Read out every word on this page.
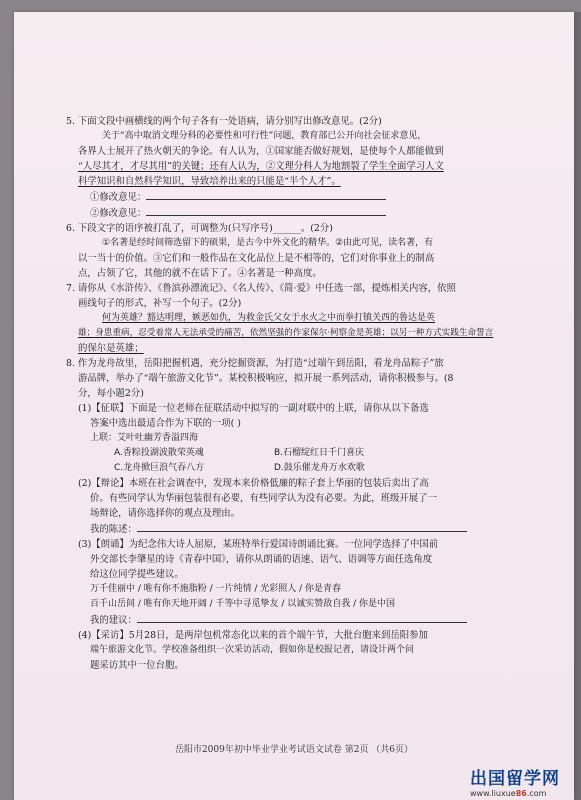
5. 下面文段中画横线的两个句子各有一处语病，请分别写出修改意见。(2分)

关于“高中取消文理分科的必要性和可行性”问题，教育部已公开向社会征求意见，

各界人士展开了热火朝天的争论。有人认为，①国家能否做好规划，是使每个人都能做到

“人尽其才，才尽其用”的关键；还有人认为，②文理分科人为地割裂了学生全面学习人文

科学知识和自然科学知识，导致培养出来的只能是“半个人才”。

①修改意见：

②修改意见：

6. 下段文字的语序被打乱了，可调整为(只写序号)______。(2分)

①名著是经时间筛选留下的硕果，是古今中外文化的精华。②由此可见，读名著，有

以一当十的价值。③它们和一般作品在文化品位上是不相等的，它们对你事业上的制高

点，占领了它，其他的就不在话下了。④名著是一种高度。

7. 请你从《水浒传》、《鲁滨孙漂流记》、《名人传》、《简·爱》中任选一部，提炼相关内容，依照

画线句子的形式，补写一个句子。(2分)

何为英雄？豁达明理，嫉恶如仇，为救金氏父女于水火之中而拳打镇关西的鲁达是英

雄；身患重病，忍受着常人无法承受的痛苦，依然坚强的作家保尔·柯察金是英雄；以另一种方式实践生命誓言

的保尔是英雄；

8. 作为龙舟故里，岳阳把握机遇，充分挖掘资源，为打造“过端午到岳阳，看龙舟品粽子”旅

游品牌，举办了“端午旅游文化节”。某校积极响应，拟开展一系列活动，请你积极参与。(8

分，每小题2分)

(1)【征联】下面是一位老师在征联活动中拟写的一副对联中的上联，请你从以下备选

答案中选出最适合作为下联的一项( )

上联：艾叶吐幽芳香溢四海

A.香粽投湖波散荣英魂	B.石榴绽红日千门喜庆
C.龙舟掀巨浪气吞八方	D.鼓乐催龙舟万水欢歌

(2)【辩论】本班在社会调查中，发现本来价格低廉的粽子套上华丽的包装后卖出了高

价。有些同学认为华丽包装很有必要，有些同学认为没有必要。为此，班级开展了一

场辩论，请你选择你的观点及理由。

我的陈述：

(3)【朗诵】为纪念伟大诗人屈原，某班特举行爱国诗朗诵比赛。一位同学选择了中国前

外交部长李肇星的诗《青春中国》，请你从朗诵的语速、语气、语调等方面任选角度

给这位同学提些建议。

万千佳丽中 / 唯有你不施脂粉 / 一片纯情 / 光彩照人 / 你是青春

百千山岳间 / 唯有你天地开阔 / 千等中寻觅挚友 / 以诚实赞敌自我 / 你是中国

我的建议：

(4)【采访】5月28日，是两岸包机常态化以来的首个端午节，大批台胞来到岳阳参加

端午旅游文化节。学校准备组织一次采访活动，假如你是校报记者，请设计两个问

题采访其中一位台胞。

岳阳市2009年初中毕业学业考试语文试卷 第2页 （共6页）
出国留学网
www.liuxue86.com
